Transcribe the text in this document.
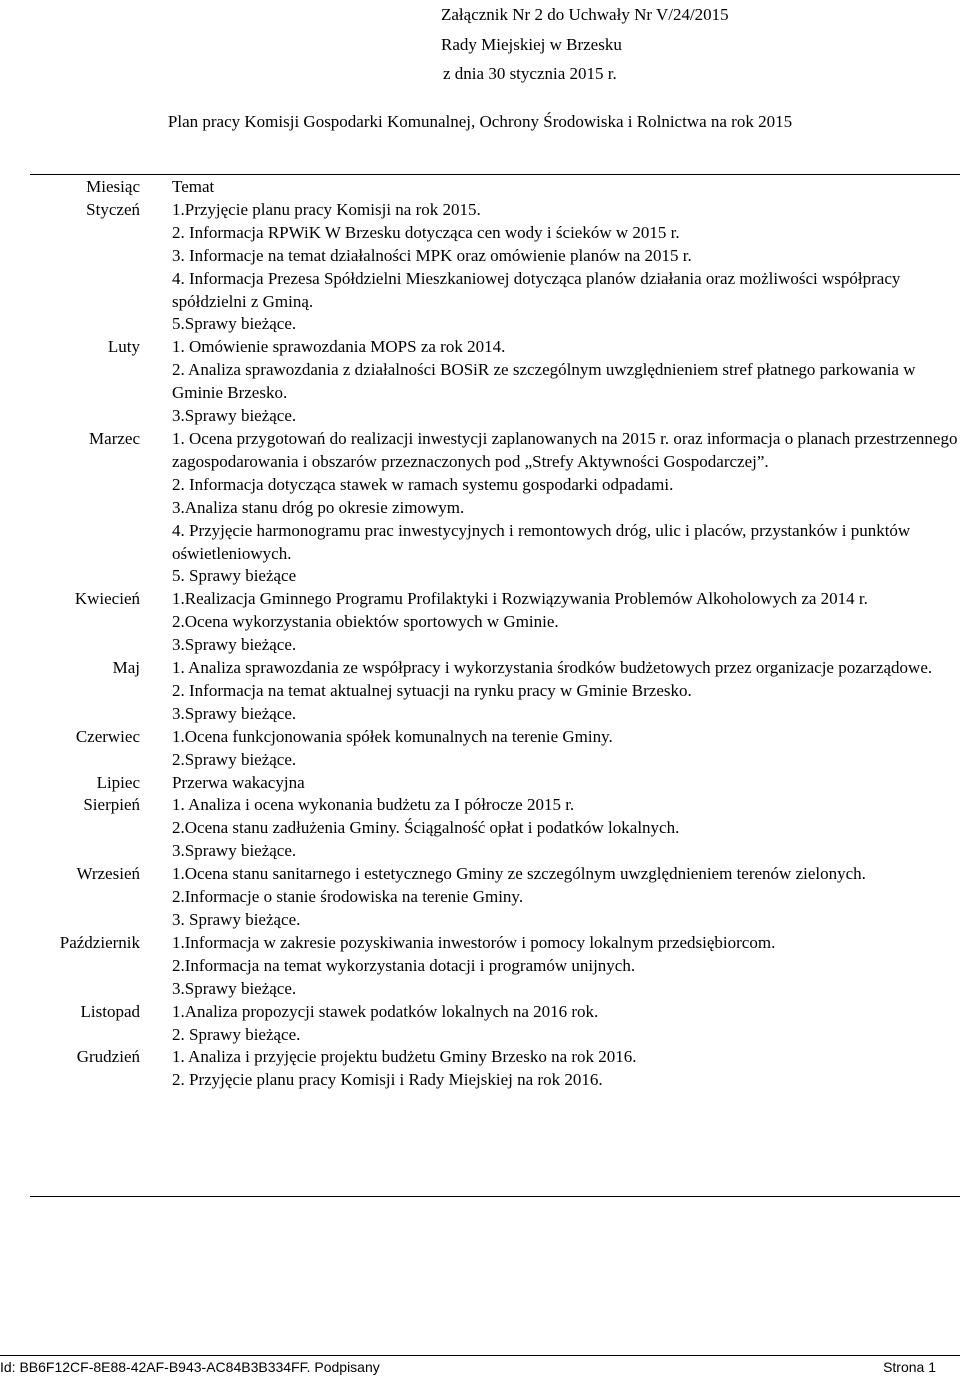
Załącznik Nr 2 do Uchwały Nr V/24/2015
Rady Miejskiej w Brzesku
z dnia 30 stycznia 2015 r.
Plan pracy Komisji Gospodarki Komunalnej, Ochrony Środowiska i Rolnictwa na rok 2015
Miesiąc	Temat
Styczeń	1.Przyjęcie planu pracy Komisji na rok 2015.
2. Informacja RPWiK W Brzesku dotycząca cen wody i ścieków w 2015 r.
3. Informacje na temat działalności MPK oraz omówienie planów na 2015 r.
4. Informacja Prezesa Spółdzielni Mieszkaniowej dotycząca planów działania oraz możliwości współpracy spółdzielni z Gminą.
5.Sprawy bieżące.

Luty	1. Omówienie sprawozdania MOPS za rok 2014.
2. Analiza sprawozdania z działalności BOSiR ze szczególnym uwzględnieniem stref płatnego parkowania w Gminie Brzesko.
3.Sprawy bieżące.

Marzec	1. Ocena przygotowań do realizacji inwestycji zaplanowanych na 2015 r. oraz informacja o planach przestrzennego zagospodarowania i obszarów przeznaczonych pod „Strefy Aktywności Gospodarczej”.
2. Informacja dotycząca stawek w ramach systemu gospodarki odpadami.
3.Analiza stanu dróg po okresie zimowym.
4. Przyjęcie harmonogramu prac inwestycyjnych i remontowych dróg, ulic i placów, przystanków i punktów oświetleniowych.
5. Sprawy bieżące

Kwiecień	1.Realizacja Gminnego Programu Profilaktyki i Rozwiązywania Problemów Alkoholowych za 2014 r.
2.Ocena wykorzystania obiektów sportowych w Gminie.
3.Sprawy bieżące.

Maj	1. Analiza sprawozdania ze współpracy i wykorzystania środków budżetowych przez organizacje pozarządowe.
2. Informacja na temat aktualnej sytuacji na rynku pracy w Gminie Brzesko.
3.Sprawy bieżące.

Czerwiec	1.Ocena funkcjonowania spółek komunalnych na terenie Gminy.
2.Sprawy bieżące.

Lipiec	Przerwa wakacyjna

Sierpień	1. Analiza i ocena wykonania budżetu za I półrocze 2015 r.
2.Ocena stanu zadłużenia Gminy. Ściągalność opłat i podatków lokalnych.
3.Sprawy bieżące.

Wrzesień	1.Ocena stanu sanitarnego i estetycznego Gminy ze szczególnym uwzględnieniem terenów zielonych.
2.Informacje o stanie środowiska na terenie Gminy.
3. Sprawy bieżące.

Październik	1.Informacja w zakresie pozyskiwania inwestorów i pomocy lokalnym przedsiębiorcom.
2.Informacja na temat wykorzystania dotacji i programów unijnych.
3.Sprawy bieżące.

Listopad	1.Analiza propozycji stawek podatków lokalnych na 2016 rok.
2. Sprawy bieżące.

Grudzień	1. Analiza i przyjęcie projektu budżetu Gminy Brzesko na rok 2016.
2. Przyjęcie planu pracy Komisji i Rady Miejskiej na rok 2016.
Id: BB6F12CF-8E88-42AF-B943-AC84B3B334FF. Podpisany	Strona 1
